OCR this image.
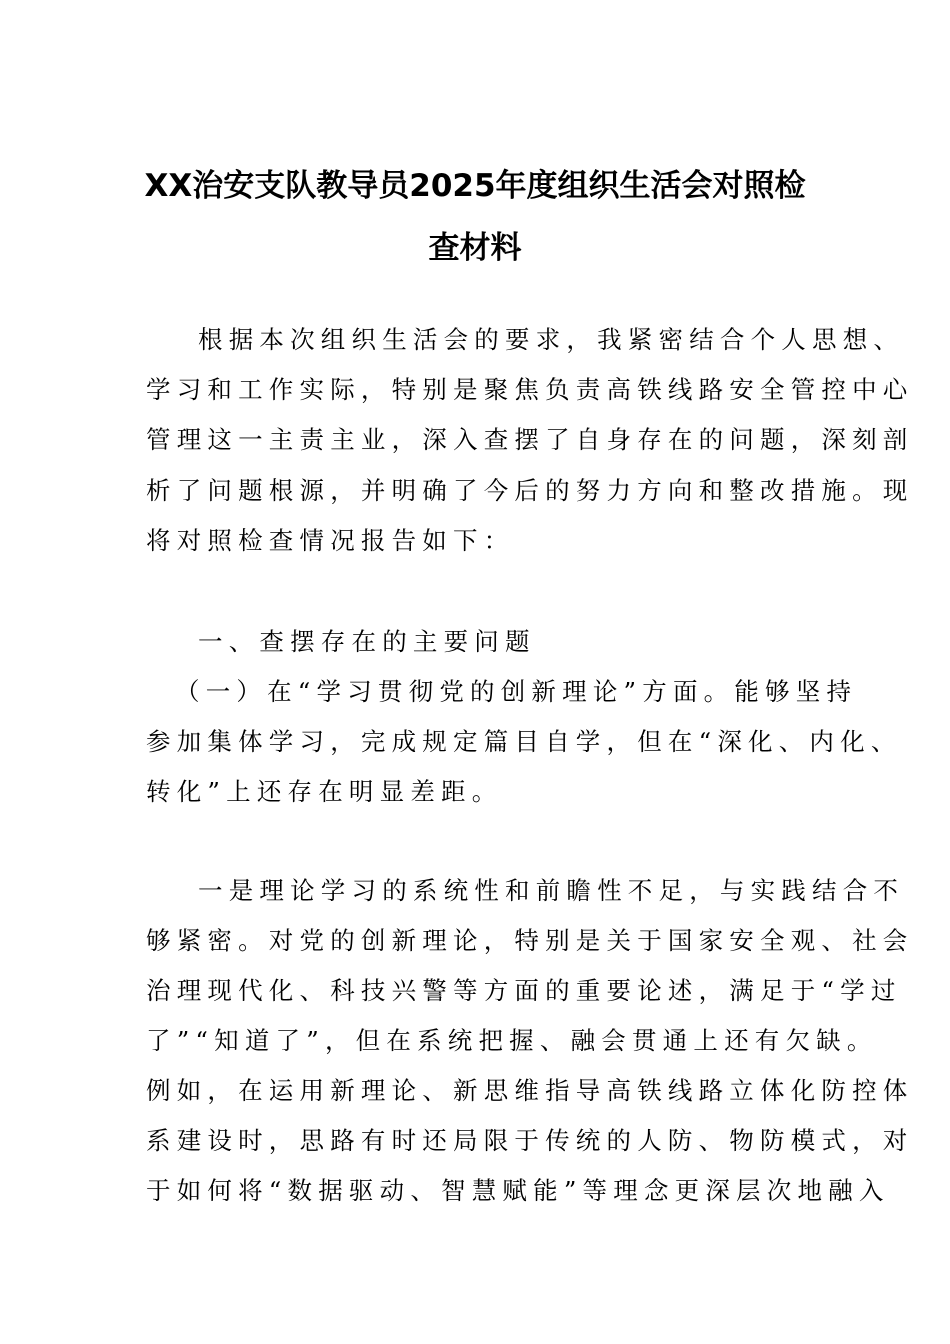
XX治安支队教导员2025年度组织生活会对照检
查材料
根据本次组织生活会的要求，我紧密结合个人思想、
学习和工作实际，特别是聚焦负责高铁线路安全管控中心
管理这一主责主业，深入查摆了自身存在的问题，深刻剖
析了问题根源，并明确了今后的努力方向和整改措施。现
将对照检查情况报告如下：
一、查摆存在的主要问题
（一）在“学习贯彻党的创新理论”方面。能够坚持
参加集体学习，完成规定篇目自学，但在“深化、内化、
转化”上还存在明显差距。
一是理论学习的系统性和前瞻性不足，与实践结合不
够紧密。对党的创新理论，特别是关于国家安全观、社会
治理现代化、科技兴警等方面的重要论述，满足于“学过
了”“知道了”，但在系统把握、融会贯通上还有欠缺。
例如，在运用新理论、新思维指导高铁线路立体化防控体
系建设时，思路有时还局限于传统的人防、物防模式，对
于如何将“数据驱动、智慧赋能”等理念更深层次地融入
